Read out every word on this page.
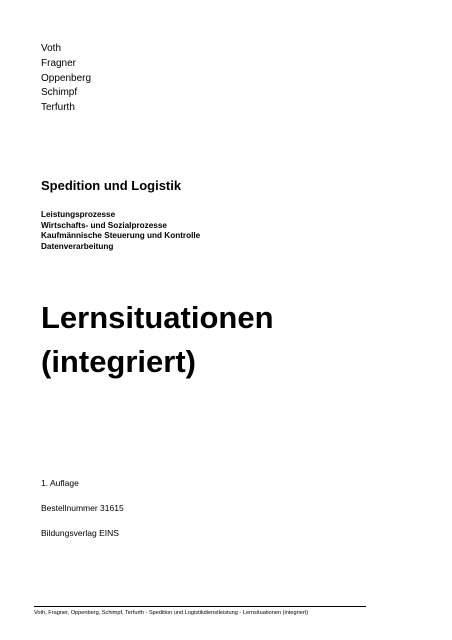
Voth
Fragner
Oppenberg
Schimpf
Terfurth
Spedition und Logistik
Leistungsprozesse
Wirtschafts- und Sozialprozesse
Kaufmännische Steuerung und Kontrolle
Datenverarbeitung
Lernsituationen
(integriert)
1. Auflage
Bestellnummer 31615
Bildungsverlag EINS
Voth, Fragner, Oppenberg, Schimpf, Terfurth - Spedition und Logistikdienstleistung - Lernsituationen (integriert)
